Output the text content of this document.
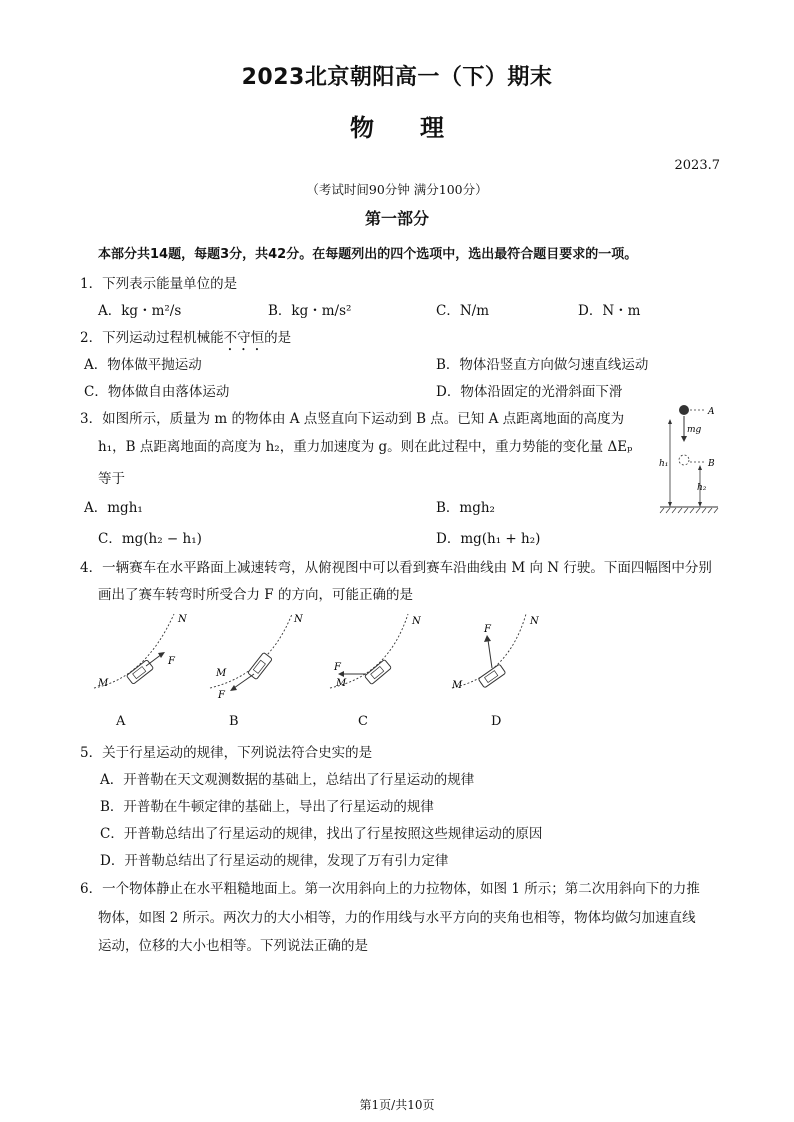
2023北京朝阳高一（下）期末
物 理
2023.7
（考试时间90分钟 满分100分）
第一部分
本部分共14题，每题3分，共42分。在每题列出的四个选项中，选出最符合题目要求的一项。
1．下列表示能量单位的是
A．kg・m²/s	B．kg・m/s²	C．N/m	D．N・m
2．下列运动过程机械能不守恒的是
A．物体做平抛运动	B．物体沿竖直方向做匀速直线运动
C．物体做自由落体运动	D．物体沿固定的光滑斜面下滑
3．如图所示，质量为 m 的物体由 A 点竖直向下运动到 B 点。已知 A 点距离地面的高度为
h₁，B 点距离地面的高度为 h₂，重力加速度为 g。则在此过程中，重力势能的变化量 ΔEₚ
等于
A．mgh₁	B．mgh₂
C．mg(h₂ − h₁)	D．mg(h₁ + h₂)
A
mg
B
h₁
h₂
4．一辆赛车在水平路面上减速转弯，从俯视图中可以看到赛车沿曲线由 M 向 N 行驶。下面四幅图中分别
画出了赛车转弯时所受合力 F 的方向，可能正确的是
N
M
F
A
N
M
F
B
N
M
F
C
N
M
F
D
5．关于行星运动的规律，下列说法符合史实的是
A．开普勒在天文观测数据的基础上，总结出了行星运动的规律
B．开普勒在牛顿定律的基础上，导出了行星运动的规律
C．开普勒总结出了行星运动的规律，找出了行星按照这些规律运动的原因
D．开普勒总结出了行星运动的规律，发现了万有引力定律
6．一个物体静止在水平粗糙地面上。第一次用斜向上的力拉物体，如图 1 所示；第二次用斜向下的力推
物体，如图 2 所示。两次力的大小相等，力的作用线与水平方向的夹角也相等，物体均做匀加速直线
运动，位移的大小也相等。下列说法正确的是
第1页/共10页
